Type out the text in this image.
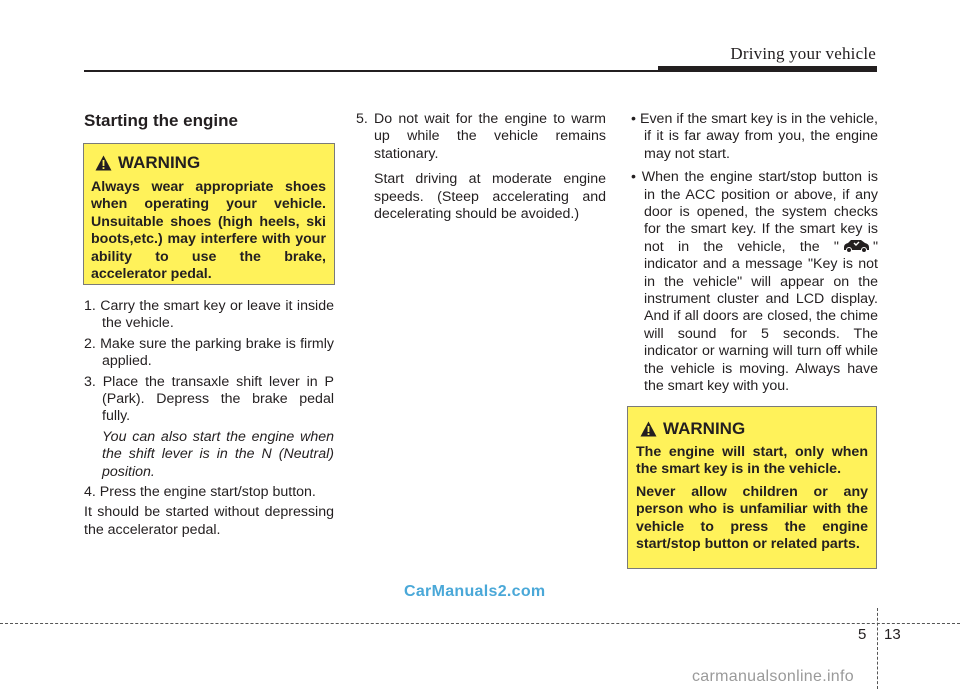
Driving your vehicle
Starting the engine
WARNING

Always wear appropriate shoes when operating your vehicle. Unsuitable shoes (high heels, ski boots,etc.) may interfere with your ability to use the brake, accelerator pedal.

1. Carry the smart key or leave it inside the vehicle.

2. Make sure the parking brake is firmly applied.

3. Place the transaxle shift lever in P (Park). Depress the brake pedal fully.

You can also start the engine when the shift lever is in the N (Neutral) position.

4. Press the engine start/stop button.

It should be started without depressing the accelerator pedal.

5. Do not wait for the engine to warm up while the vehicle remains stationary.

Start driving at moderate engine speeds. (Steep accelerating and decelerating should be avoided.)

• Even if the smart key is in the vehicle, if it is far away from you, the engine may not start.

• When the engine start/stop button is in the ACC position or above, if any door is opened, the system checks for the smart key. If the smart key is not in the vehicle, the " " indicator and a message "Key is not in the vehicle" will appear on the instrument cluster and LCD display. And if all doors are closed, the chime will sound for 5 seconds. The indicator or warning will turn off while the vehicle is moving. Always have the smart key with you.

WARNING

The engine will start, only when the smart key is in the vehicle.

Never allow children or any person who is unfamiliar with the vehicle to press the engine start/stop button or related parts.

CarManuals2.com
5 13
carmanualsonline.info
